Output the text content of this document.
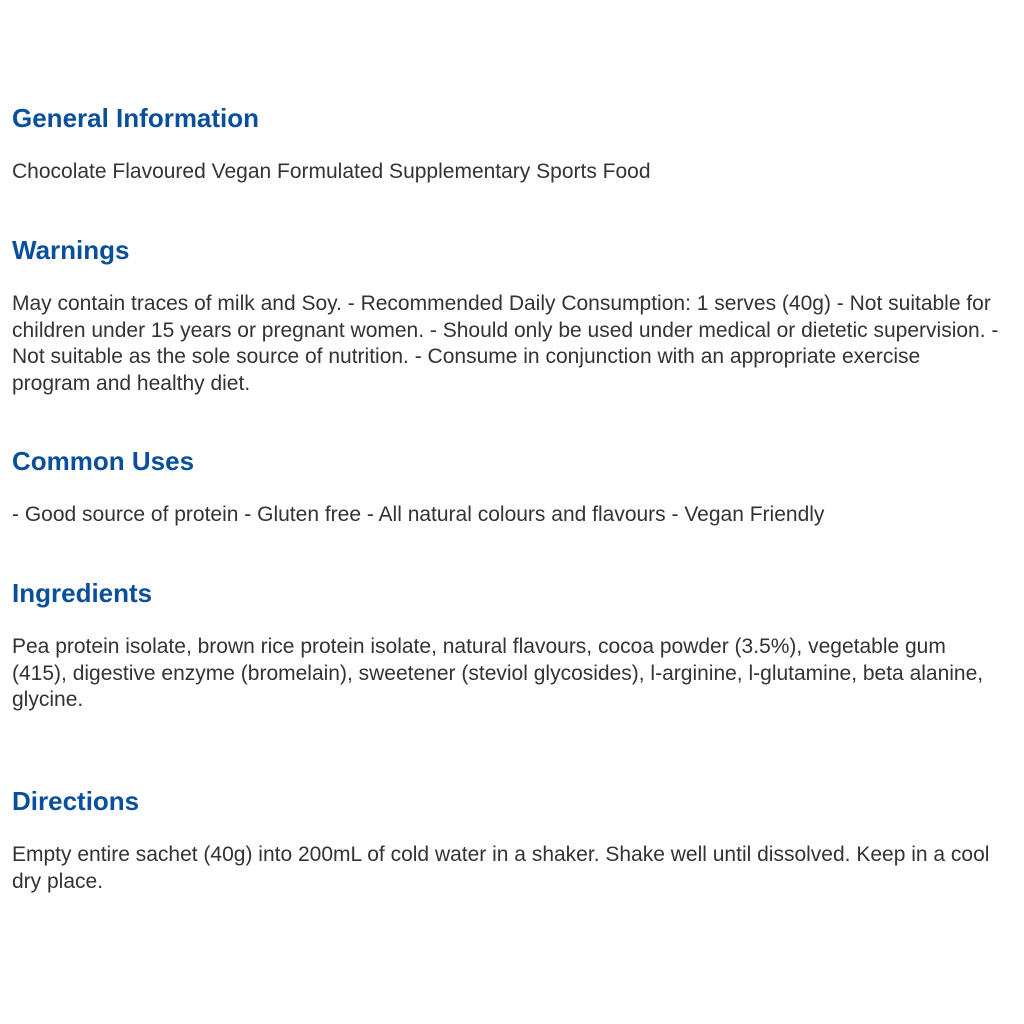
General Information

Chocolate Flavoured Vegan Formulated Supplementary Sports Food

Warnings

May contain traces of milk and Soy. - Recommended Daily Consumption: 1 serves (40g) - Not suitable for children under 15 years or pregnant women. - Should only be used under medical or dietetic supervision. - Not suitable as the sole source of nutrition. - Consume in conjunction with an appropriate exercise program and healthy diet.

Common Uses

- Good source of protein - Gluten free - All natural colours and flavours - Vegan Friendly

Ingredients

Pea protein isolate, brown rice protein isolate, natural flavours, cocoa powder (3.5%), vegetable gum (415), digestive enzyme (bromelain), sweetener (steviol glycosides), l-arginine, l-glutamine, beta alanine, glycine.

Directions

Empty entire sachet (40g) into 200mL of cold water in a shaker. Shake well until dissolved. Keep in a cool dry place.
